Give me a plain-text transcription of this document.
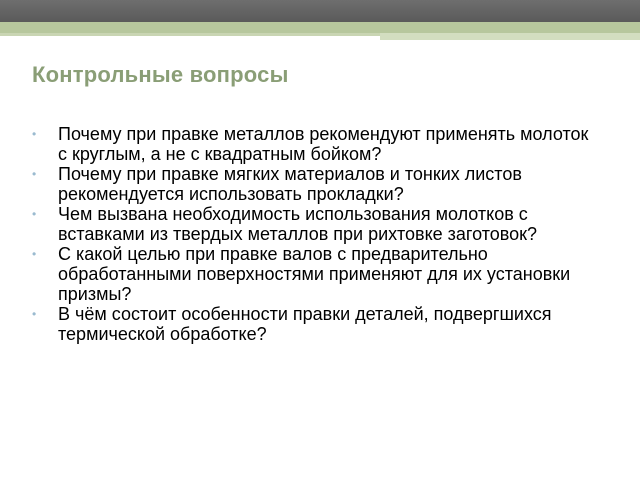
Контрольные вопросы
• Почему при правке металлов рекомендуют применять молоток с круглым, а не с квадратным бойком?
• Почему при правке мягких материалов и тонких листов рекомендуется использовать прокладки?
• Чем вызвана необходимость использования молотков с вставками из твердых металлов при рихтовке заготовок?
• С какой целью при правке валов с предварительно обработанными поверхностями применяют для их установки призмы?
• В чём состоит особенности правки деталей, подвергшихся термической обработке?
